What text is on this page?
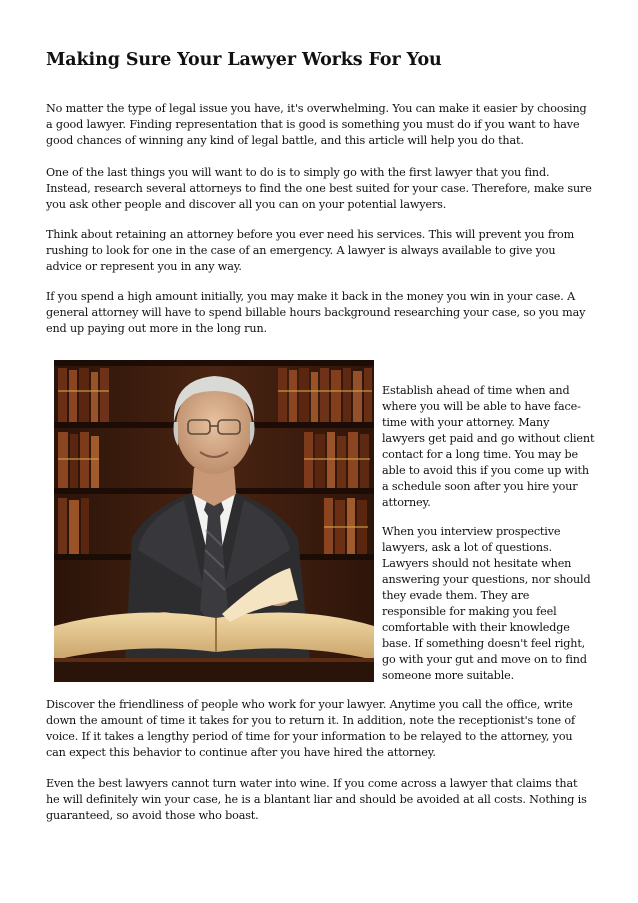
Making Sure Your Lawyer Works For You

No matter the type of legal issue you have, it's overwhelming. You can make it easier by choosing a good lawyer. Finding representation that is good is something you must do if you want to have good chances of winning any kind of legal battle, and this article will help you do that.

One of the last things you will want to do is to simply go with the first lawyer that you find. Instead, research several attorneys to find the one best suited for your case. Therefore, make sure you ask other people and discover all you can on your potential lawyers.

Think about retaining an attorney before you ever need his services. This will prevent you from rushing to look for one in the case of an emergency. A lawyer is always available to give you advice or represent you in any way.

If you spend a high amount initially, you may make it back in the money you win in your case. A general attorney will have to spend billable hours background researching your case, so you may end up paying out more in the long run.

Establish ahead of time when and where you will be able to have face-time with your attorney. Many lawyers get paid and go without client contact for a long time. You may be able to avoid this if you come up with a schedule soon after you hire your attorney.

When you interview prospective lawyers, ask a lot of questions. Lawyers should not hesitate when answering your questions, nor should they evade them. They are responsible for making you feel comfortable with their knowledge base. If something doesn't feel right, go with your gut and move on to find someone more suitable.

Discover the friendliness of people who work for your lawyer. Anytime you call the office, write down the amount of time it takes for you to return it. In addition, note the receptionist's tone of voice. If it takes a lengthy period of time for your information to be relayed to the attorney, you can expect this behavior to continue after you have hired the attorney.

Even the best lawyers cannot turn water into wine. If you come across a lawyer that claims that he will definitely win your case, he is a blantant liar and should be avoided at all costs. Nothing is guaranteed, so avoid those who boast.
